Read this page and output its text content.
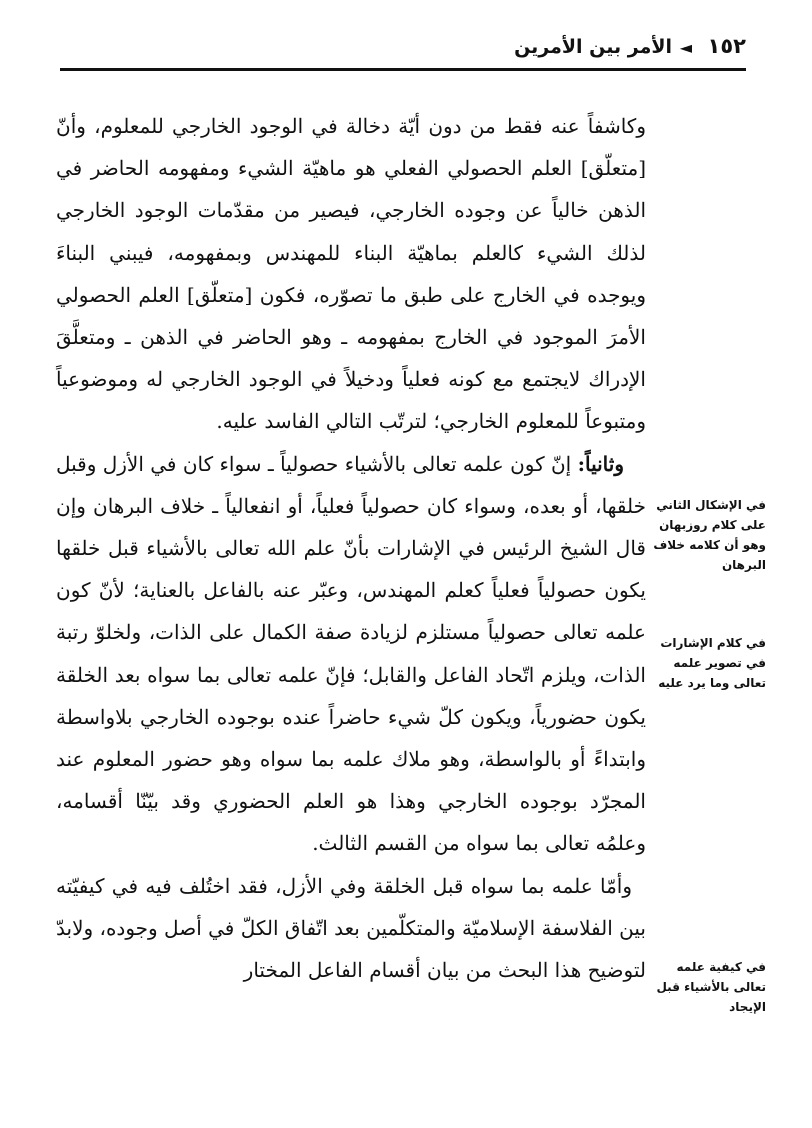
١٥٢
◄
الأمر بين الأمرين

وكاشفاً عنه فقط من دون أيّة دخالة في الوجود الخارجي للمعلوم، وأنّ [متعلّق] العلم الحصولي الفعلي هو ماهيّة الشيء ومفهومه الحاضر في الذهن خالياً عن وجوده الخارجي، فيصير من مقدّمات الوجود الخارجي لذلك الشيء كالعلم بماهيّة البناء للمهندس وبمفهومه، فيبني البناءَ ويوجده في الخارج على طبق ما تصوّره، فكون [متعلّق] العلم الحصولي الأمرَ الموجود في الخارج بمفهومه ـ وهو الحاضر في الذهن ـ ومتعلَّقَ الإدراك لايجتمع مع كونه فعلياً ودخيلاً في الوجود الخارجي له وموضوعياً ومتبوعاً للمعلوم الخارجي؛ لترتّب التالي الفاسد عليه.

وثانياً: إنّ كون علمه تعالى بالأشياء حصولياً ـ سواء كان في الأزل وقبل خلقها، أو بعده، وسواء كان حصولياً فعلياً، أو انفعالياً ـ خلاف البرهان وإن قال الشيخ الرئيس في الإشارات بأنّ علم الله تعالى بالأشياء قبل خلقها يكون حصولياً فعلياً كعلم المهندس، وعبّر عنه بالفاعل بالعناية؛ لأنّ كون علمه تعالى حصولياً مستلزم لزيادة صفة الكمال على الذات، ولخلوّ رتبة الذات، ويلزم اتّحاد الفاعل والقابل؛ فإنّ علمه تعالى بما سواه بعد الخلقة يكون حضورياً، ويكون كلّ شيء حاضراً عنده بوجوده الخارجي بلاواسطة وابتداءً أو بالواسطة، وهو ملاك علمه بما سواه وهو حضور المعلوم عند المجرّد بوجوده الخارجي وهذا هو العلم الحضوري وقد بيّنّا أقسامه، وعلمُه تعالى بما سواه من القسم الثالث.

وأمّا علمه بما سواه قبل الخلقة وفي الأزل، فقد اختُلف فيه في كيفيّته بين الفلاسفة الإسلاميّة والمتكلّمين بعد اتّفاق الكلّ في أصل وجوده، ولابدّ لتوضيح هذا البحث من بيان أقسام الفاعل المختار

في الإشكال الثاني على كلام روزبهان وهو أن كلامه خلاف البرهان
في كلام الإشارات في تصوير علمه تعالى وما يرد عليه
في كيفية علمه تعالى بالأشياء قبل الإيجاد
